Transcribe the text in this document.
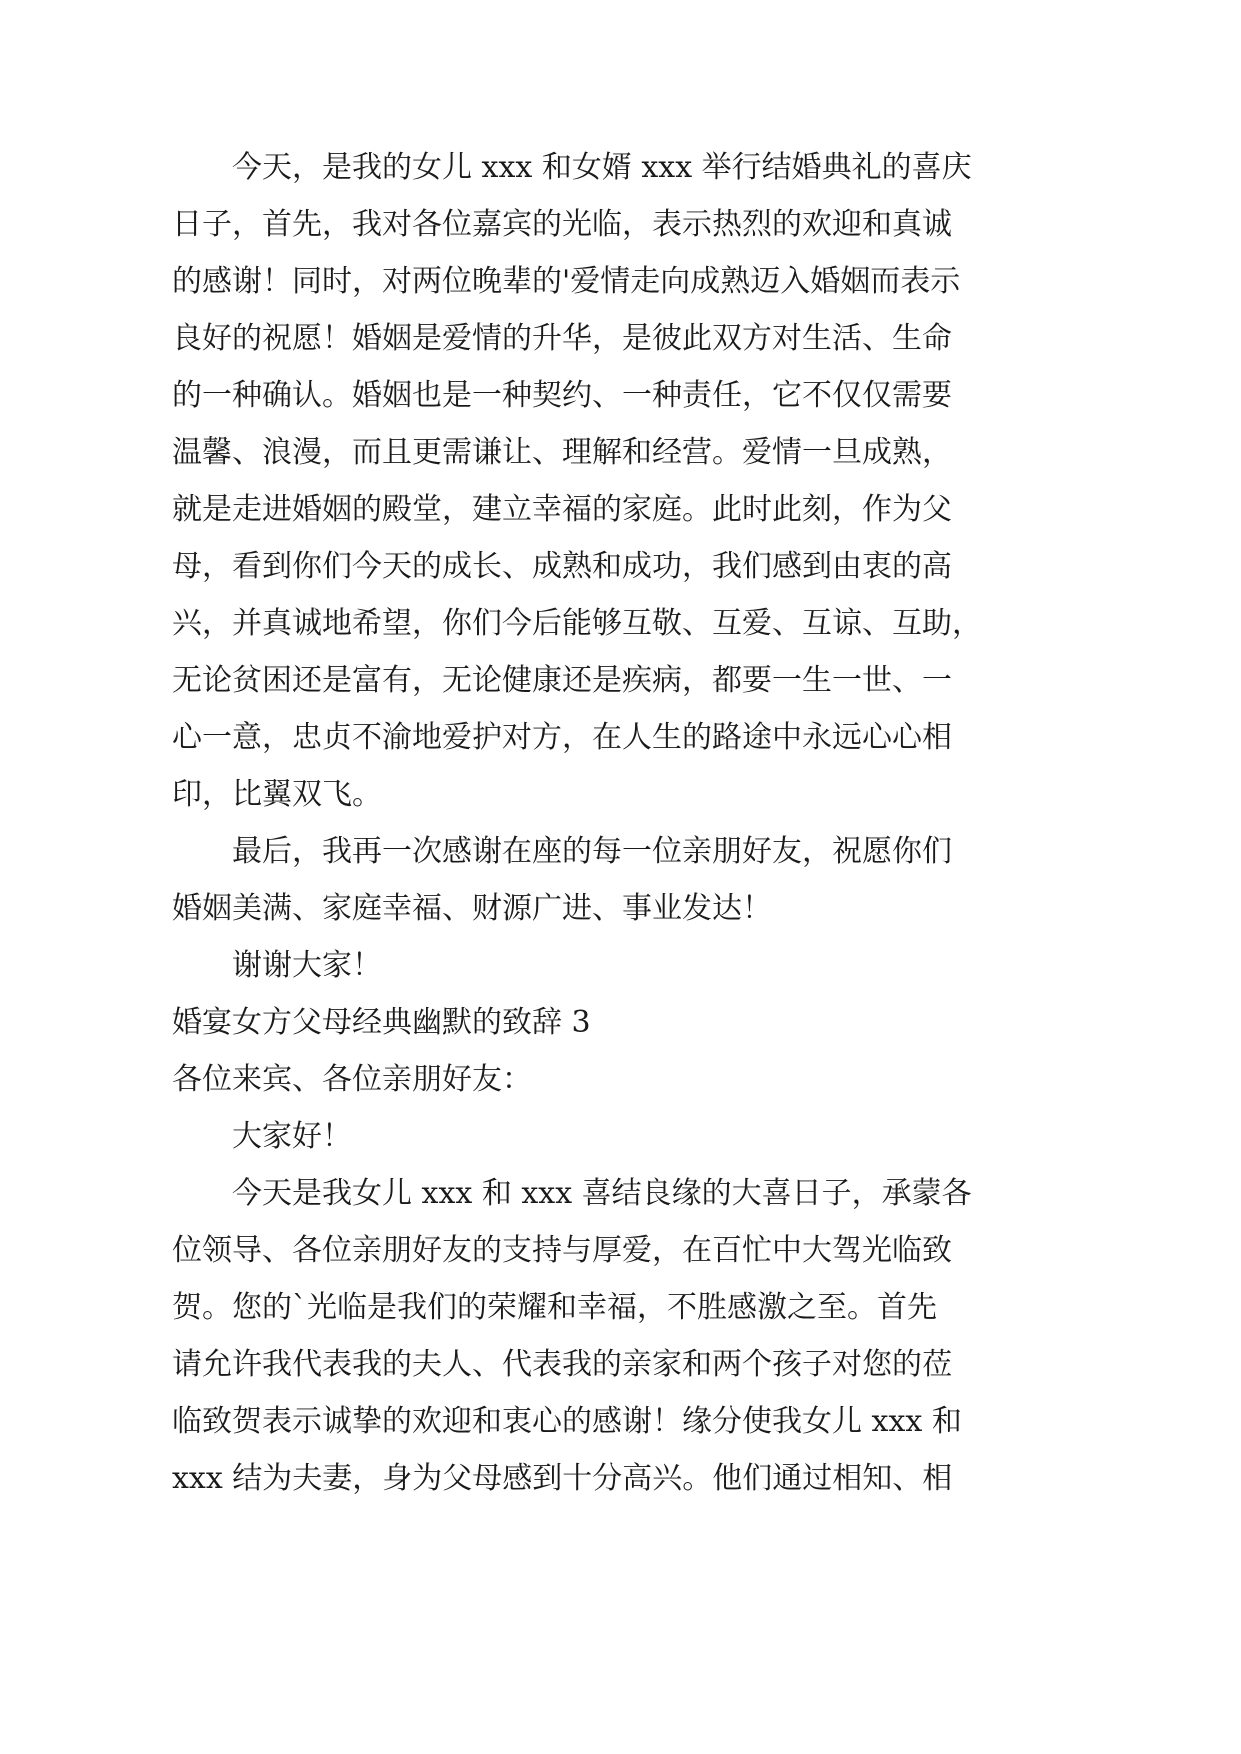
今天，是我的女儿 xxx 和女婿 xxx 举行结婚典礼的喜庆
日子，首先，我对各位嘉宾的光临，表示热烈的欢迎和真诚
的感谢！同时，对两位晚辈的'爱情走向成熟迈入婚姻而表示
良好的祝愿！婚姻是爱情的升华，是彼此双方对生活、生命
的一种确认。婚姻也是一种契约、一种责任，它不仅仅需要
温馨、浪漫，而且更需谦让、理解和经营。爱情一旦成熟，
就是走进婚姻的殿堂，建立幸福的家庭。此时此刻，作为父
母，看到你们今天的成长、成熟和成功，我们感到由衷的高
兴，并真诚地希望，你们今后能够互敬、互爱、互谅、互助，
无论贫困还是富有，无论健康还是疾病，都要一生一世、一
心一意，忠贞不渝地爱护对方，在人生的路途中永远心心相
印，比翼双飞。
最后，我再一次感谢在座的每一位亲朋好友，祝愿你们
婚姻美满、家庭幸福、财源广进、事业发达！
谢谢大家！
婚宴女方父母经典幽默的致辞 3
各位来宾、各位亲朋好友：
大家好！
今天是我女儿 xxx 和 xxx 喜结良缘的大喜日子，承蒙各
位领导、各位亲朋好友的支持与厚爱，在百忙中大驾光临致
贺。您的`光临是我们的荣耀和幸福，不胜感激之至。首先
请允许我代表我的夫人、代表我的亲家和两个孩子对您的莅
临致贺表示诚挚的欢迎和衷心的感谢！缘分使我女儿 xxx 和
xxx 结为夫妻，身为父母感到十分高兴。他们通过相知、相
